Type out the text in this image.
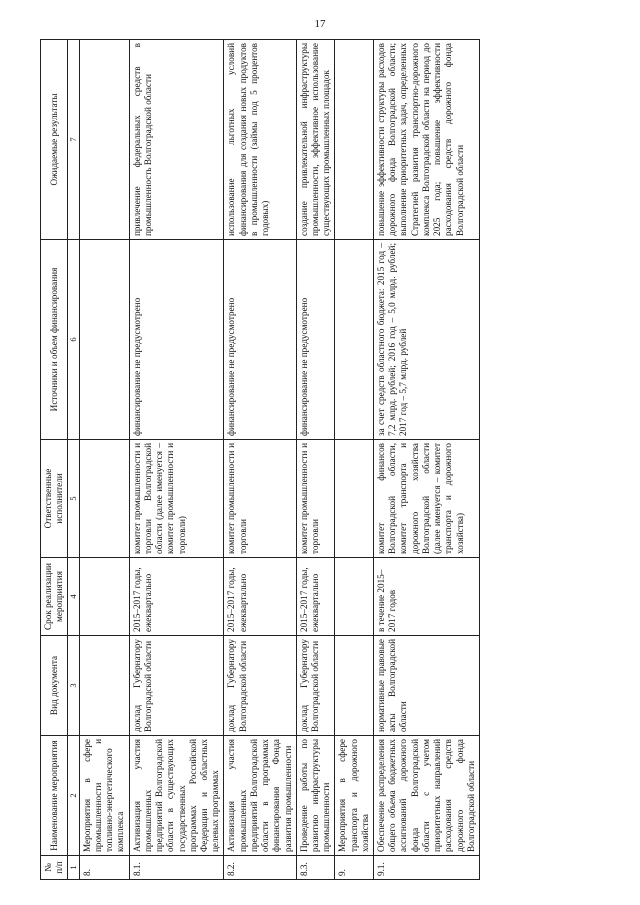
17
№ п/п	Наименование мероприятия	Вид документа	Срок реализации мероприятия	Ответственные исполнители	Источники и объем финансирования	Ожидаемые результаты
1	2	3	4	5	6	7
8.	Мероприятия в сфере промышленности и топливно-энергетического комплекса					
8.1.	Активизация участия промышленных предприятий Волгоградской области в существующих государственных программах Российской Федерации и областных целевых программах	доклад Губернатору Волгоградской области	2015–2017 годы, ежеквартально	комитет промышленности и торговли Волгоградской области (далее именуется – комитет промышленности и торговли)	финансирование не предусмотрено	привлечение федеральных средств в промышленность Волгоградской области
8.2.	Активизация участия промышленных предприятий Волгоградской области в программах финансирования Фонда развития промышленности	доклад Губернатору Волгоградской области	2015–2017 годы, ежеквартально	комитет промышленности и торговли	финансирование не предусмотрено	использование льготных условий финансирования для создания новых продуктов в промышленности (займы под 5 процентов годовых)
8.3.	Проведение работы по развитию инфраструктуры промышленности	доклад Губернатору Волгоградской области	2015–2017 годы, ежеквартально	комитет промышленности и торговли	финансирование не предусмотрено	создание привлекательной инфраструктуры промышленности, эффективное использование существующих промышленных площадок
9.	Мероприятия в сфере транспорта и дорожного хозяйства					
9.1.	Обеспечение распределения общего объема бюджетных ассигнований дорожного фонда Волгоградской области с учетом приоритетных направлений расходования средств дорожного фонда Волгоградской области	нормативные правовые акты Волгоградской области	в течение 2015–2017 годов	комитет финансов Волгоградской области, комитет транспорта и дорожного хозяйства Волгоградской области (далее именуется – комитет транспорта и дорожного хозяйства)	за счет средств областного бюджета: 2015 год – 7,2 млрд. рублей; 2016 год – 5,0 млрд. рублей; 2017 год – 5,7 млрд. рублей	повышение эффективности структуры расходов дорожного фонда Волгоградской области; выполнение приоритетных задач, определенных Стратегией развития транспортно-дорожного комплекса Волгоградской области на период до 2025 года; повышение эффективности расходования средств дорожного фонда Волгоградской области
